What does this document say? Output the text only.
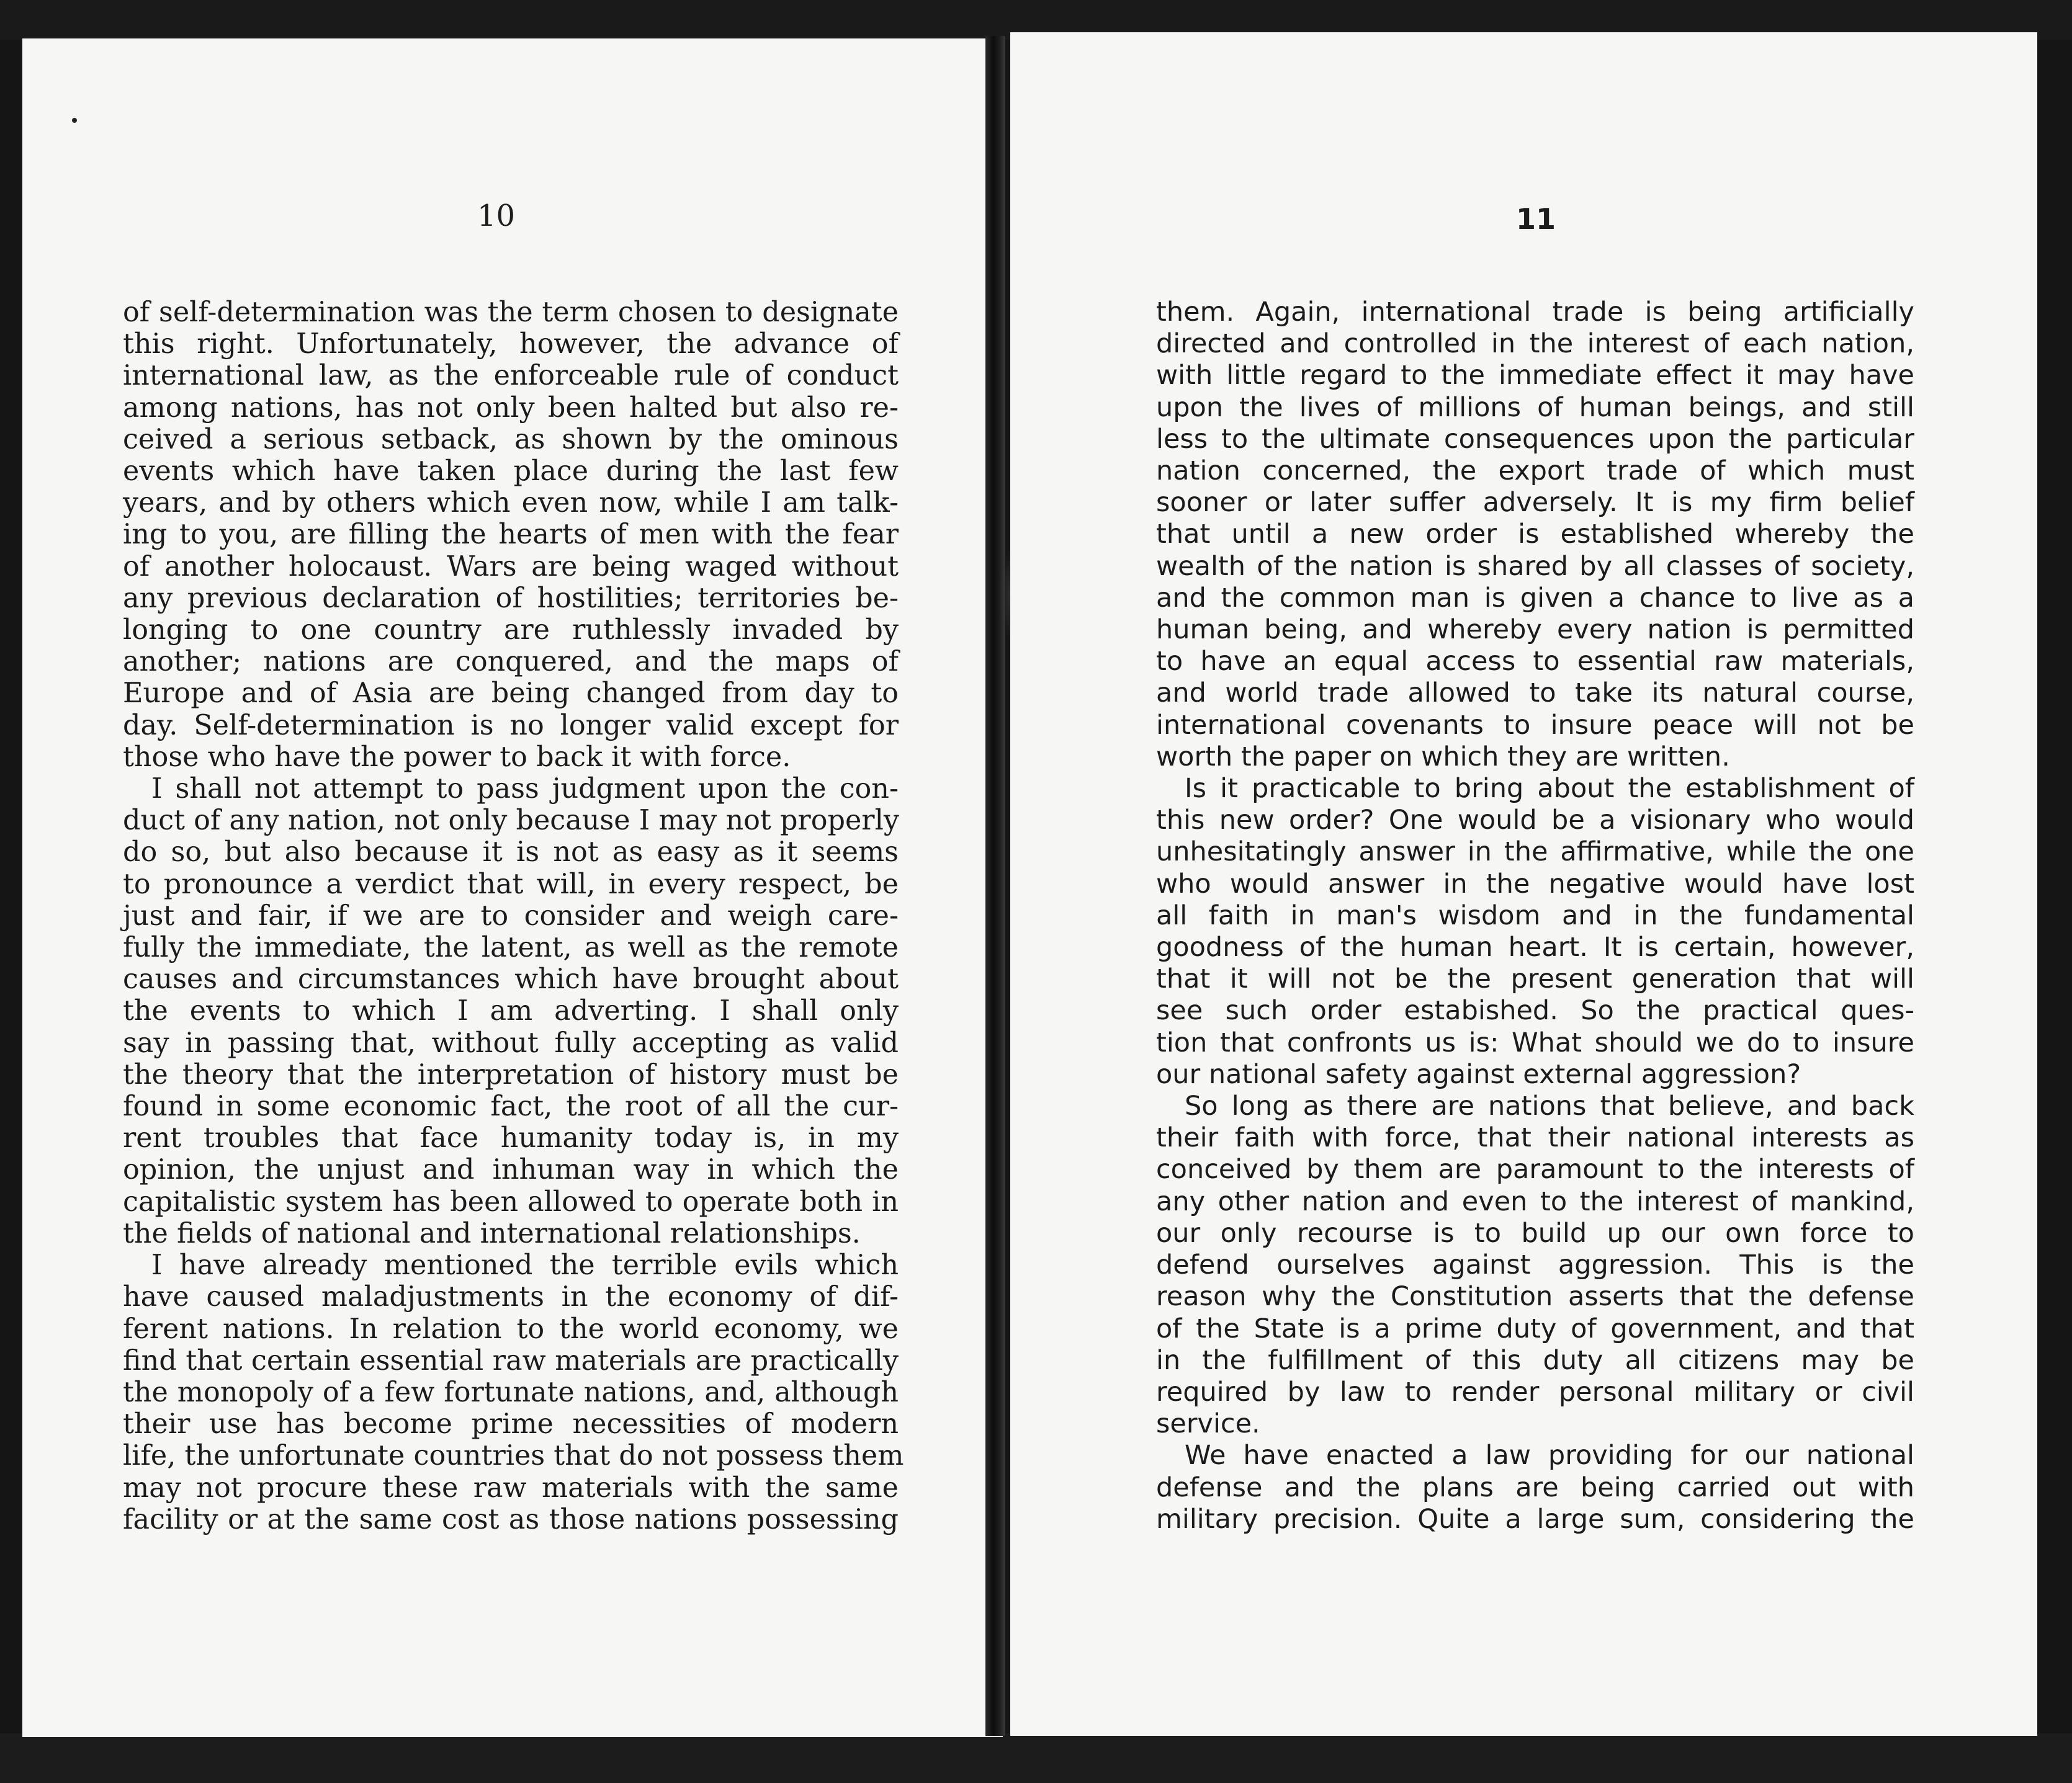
10
of self-determination was the term chosen to designate
this right. Unfortunately, however, the advance of
international law, as the enforceable rule of conduct
among nations, has not only been halted but also re-
ceived a serious setback, as shown by the ominous
events which have taken place during the last few
years, and by others which even now, while I am talk-
ing to you, are filling the hearts of men with the fear
of another holocaust. Wars are being waged without
any previous declaration of hostilities; territories be-
longing to one country are ruthlessly invaded by
another; nations are conquered, and the maps of
Europe and of Asia are being changed from day to
day. Self-determination is no longer valid except for
those who have the power to back it with force.
I shall not attempt to pass judgment upon the con-
duct of any nation, not only because I may not properly
do so, but also because it is not as easy as it seems
to pronounce a verdict that will, in every respect, be
just and fair, if we are to consider and weigh care-
fully the immediate, the latent, as well as the remote
causes and circumstances which have brought about
the events to which I am adverting. I shall only
say in passing that, without fully accepting as valid
the theory that the interpretation of history must be
found in some economic fact, the root of all the cur-
rent troubles that face humanity today is, in my
opinion, the unjust and inhuman way in which the
capitalistic system has been allowed to operate both in
the fields of national and international relationships.
I have already mentioned the terrible evils which
have caused maladjustments in the economy of dif-
ferent nations. In relation to the world economy, we
find that certain essential raw materials are practically
the monopoly of a few fortunate nations, and, although
their use has become prime necessities of modern
life, the unfortunate countries that do not possess them
may not procure these raw materials with the same
facility or at the same cost as those nations possessing
11
them. Again, international trade is being artificially
directed and controlled in the interest of each nation,
with little regard to the immediate effect it may have
upon the lives of millions of human beings, and still
less to the ultimate consequences upon the particular
nation concerned, the export trade of which must
sooner or later suffer adversely. It is my firm belief
that until a new order is established whereby the
wealth of the nation is shared by all classes of society,
and the common man is given a chance to live as a
human being, and whereby every nation is permitted
to have an equal access to essential raw materials,
and world trade allowed to take its natural course,
international covenants to insure peace will not be
worth the paper on which they are written.
Is it practicable to bring about the establishment of
this new order? One would be a visionary who would
unhesitatingly answer in the affirmative, while the one
who would answer in the negative would have lost
all faith in man's wisdom and in the fundamental
goodness of the human heart. It is certain, however,
that it will not be the present generation that will
see such order estabished. So the practical ques-
tion that confronts us is: What should we do to insure
our national safety against external aggression?
So long as there are nations that believe, and back
their faith with force, that their national interests as
conceived by them are paramount to the interests of
any other nation and even to the interest of mankind,
our only recourse is to build up our own force to
defend ourselves against aggression. This is the
reason why the Constitution asserts that the defense
of the State is a prime duty of government, and that
in the fulfillment of this duty all citizens may be
required by law to render personal military or civil
service.
We have enacted a law providing for our national
defense and the plans are being carried out with
military precision. Quite a large sum, considering the
